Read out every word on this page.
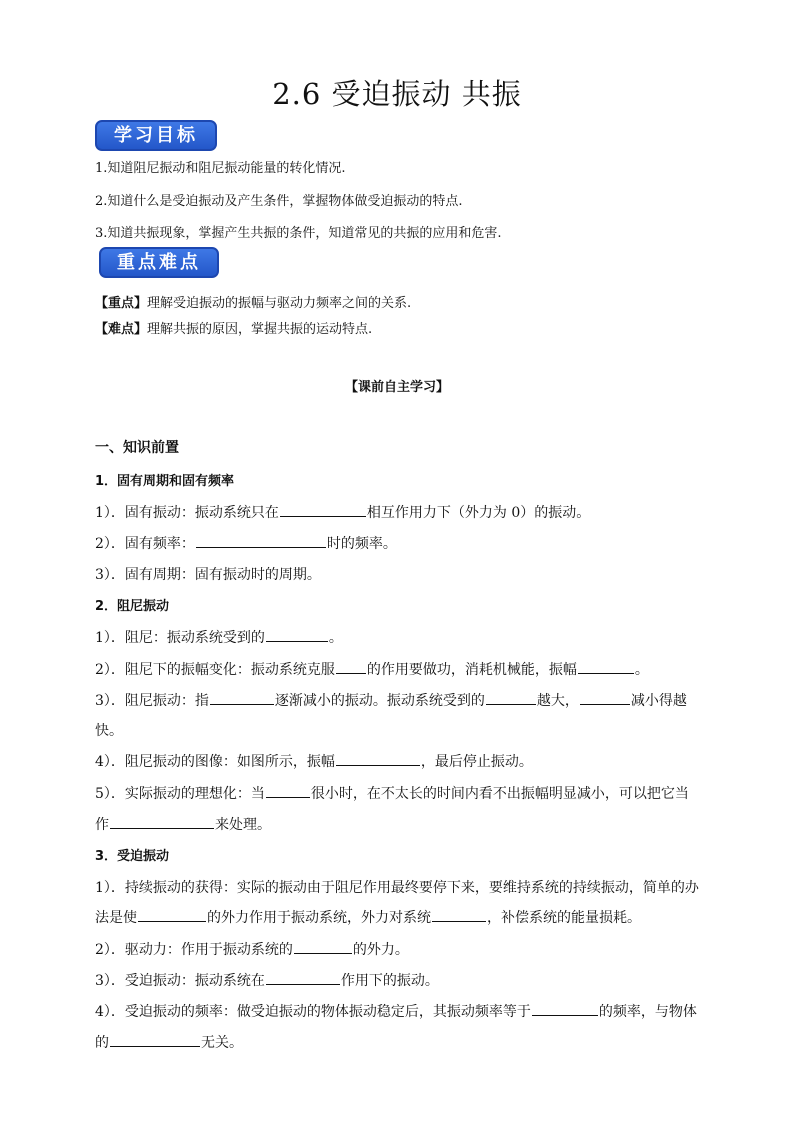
2.6 受迫振动 共振
学习目标
1.知道阻尼振动和阻尼振动能量的转化情况.
2.知道什么是受迫振动及产生条件，掌握物体做受迫振动的特点.
3.知道共振现象，掌握产生共振的条件，知道常见的共振的应用和危害.
重点难点
【重点】理解受迫振动的振幅与驱动力频率之间的关系.
【难点】理解共振的原因，掌握共振的运动特点.
【课前自主学习】
一、知识前置
1．固有周期和固有频率
1）．固有振动：振动系统只在	相互作用力下（外力为 0）的振动。
2）．固有频率：	时的频率。
3）．固有周期：固有振动时的周期。
2．阻尼振动
1）．阻尼：振动系统受到的	。
2）．阻尼下的振幅变化：振动系统克服 的作用要做功，消耗机械能，振幅	。
3）．阻尼振动：指	逐渐减小的振动。振动系统受到的	越大，	减小得越
快。
4）．阻尼振动的图像：如图所示，振幅	，最后停止振动。
5）．实际振动的理想化：当	很小时，在不太长的时间内看不出振幅明显减小，可以把它当
作	来处理。
3．受迫振动
1）．持续振动的获得：实际的振动由于阻尼作用最终要停下来，要维持系统的持续振动，简单的办
法是使	的外力作用于振动系统，外力对系统	，补偿系统的能量损耗。
2）．驱动力：作用于振动系统的	的外力。
3）．受迫振动：振动系统在	作用下的振动。
4）．受迫振动的频率：做受迫振动的物体振动稳定后，其振动频率等于	的频率，与物体
的	无关。
